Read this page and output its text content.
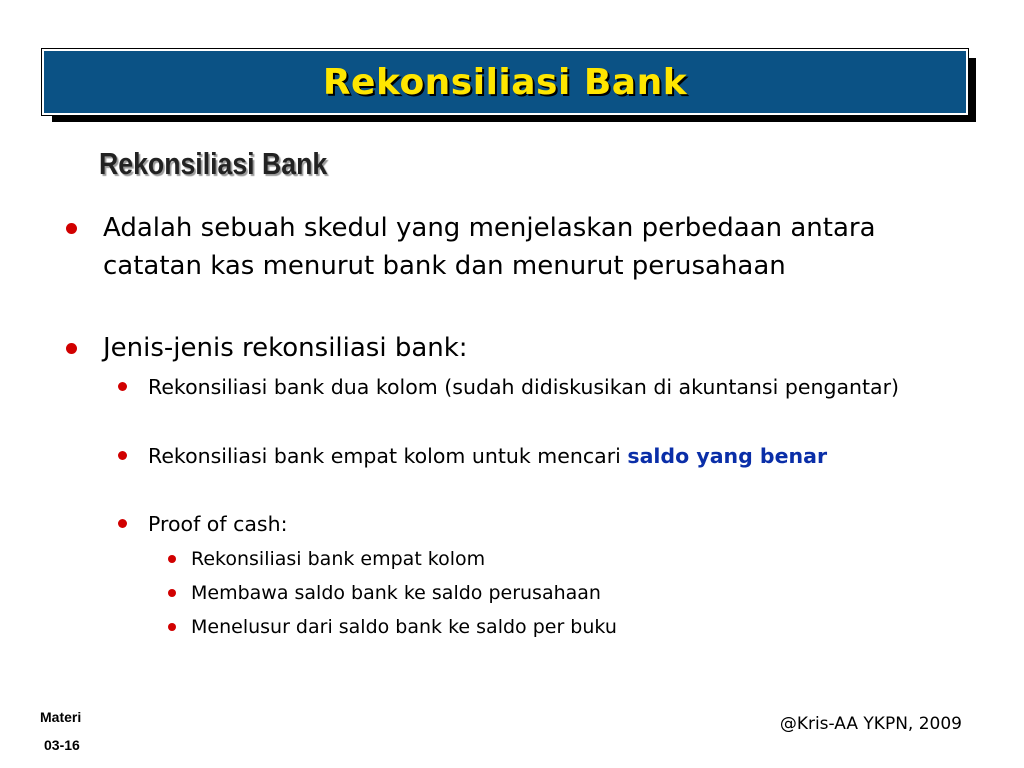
Rekonsiliasi Bank
Rekonsiliasi Bank
Adalah sebuah skedul yang menjelaskan perbedaan antara catatan kas menurut bank dan menurut perusahaan
Jenis-jenis rekonsiliasi bank:
Rekonsiliasi bank dua kolom (sudah didiskusikan di akuntansi pengantar)
Rekonsiliasi bank empat kolom untuk mencari saldo yang benar
Proof of cash:
Rekonsiliasi bank empat kolom
Membawa saldo bank ke saldo perusahaan
Menelusur dari saldo bank ke saldo per buku
Materi
03-16
@Kris-AA YKPN, 2009
